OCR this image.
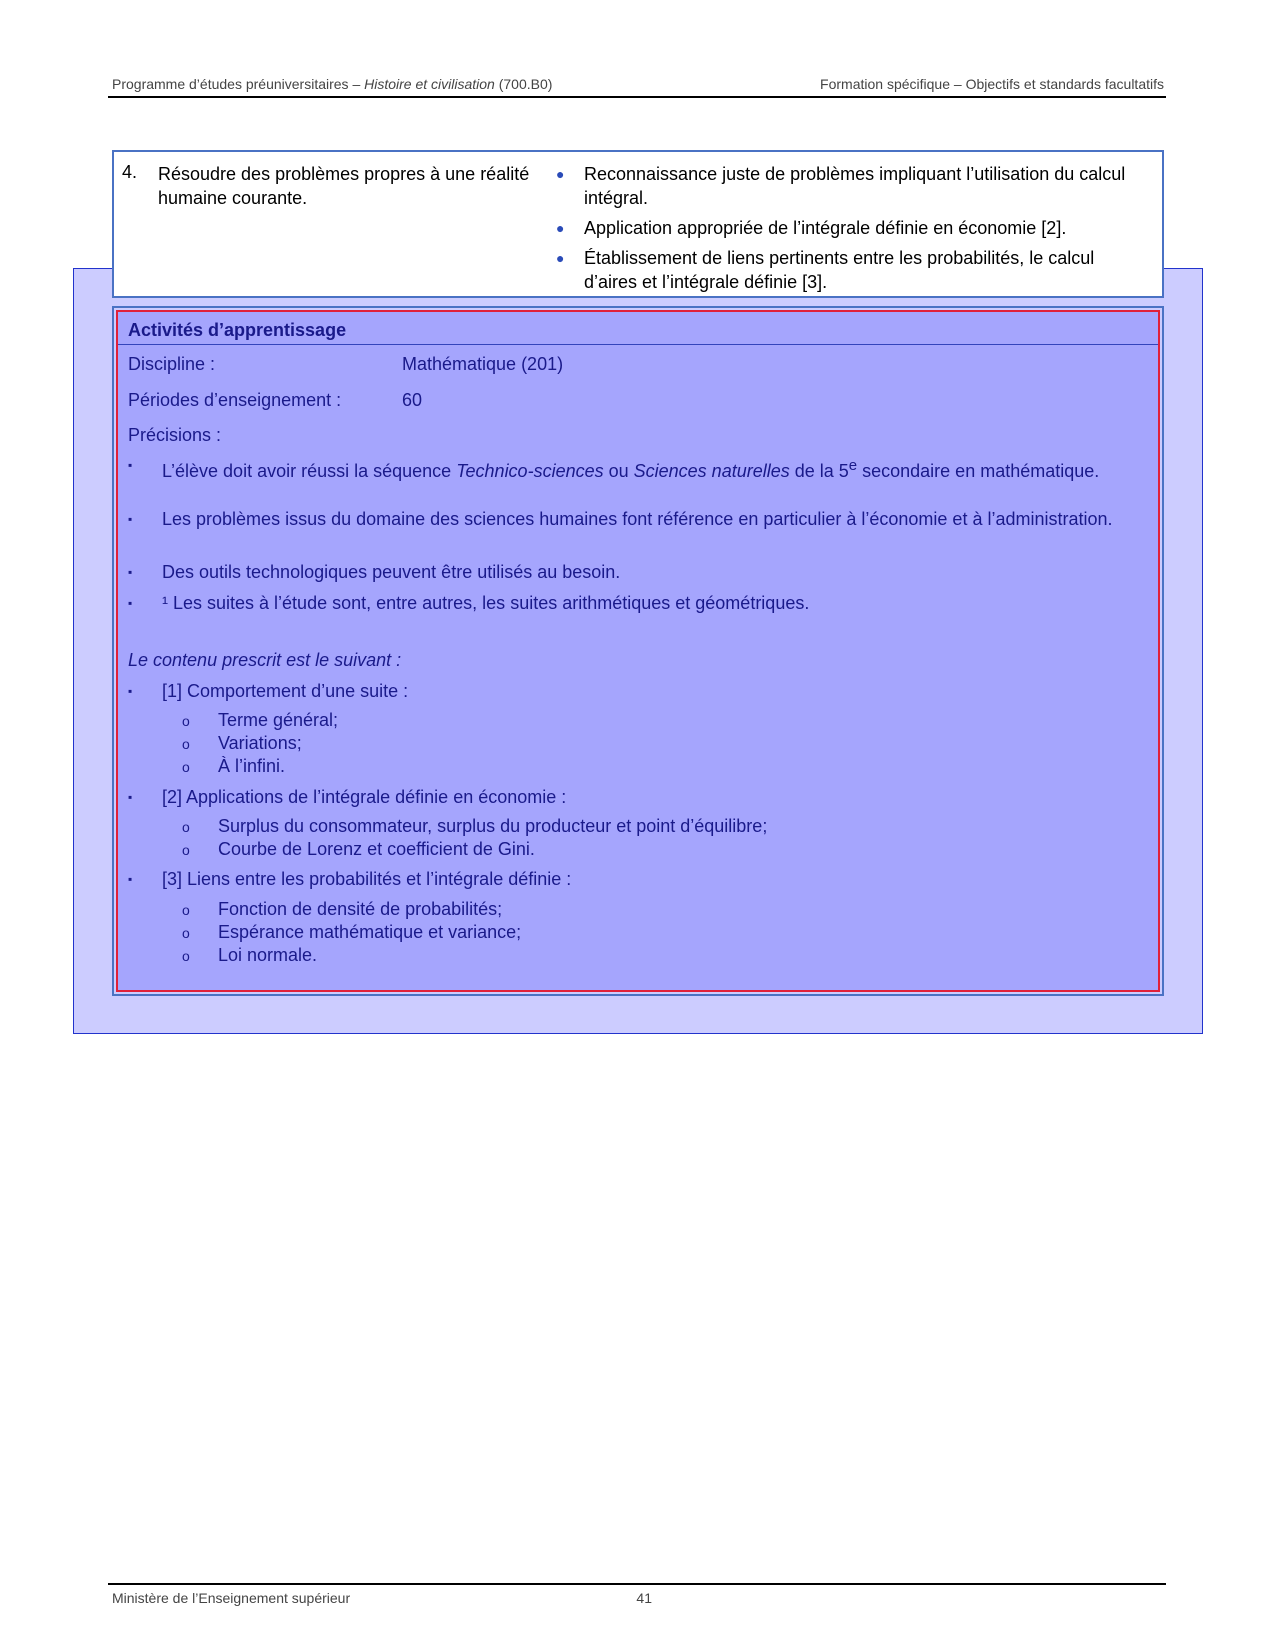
Programme d’études préuniversitaires – Histoire et civilisation (700.B0)	Formation spécifique – Objectifs et standards facultatifs
4. Résoudre des problèmes propres à une réalité humaine courante.
● Reconnaissance juste de problèmes impliquant l’utilisation du calcul intégral.
● Application appropriée de l’intégrale définie en économie [2].
● Établissement de liens pertinents entre les probabilités, le calcul d’aires et l’intégrale définie [3].
Activités d’apprentissage
Discipline :	Mathématique (201)
Périodes d’enseignement :	60
Précisions :
▪ L’élève doit avoir réussi la séquence Technico-sciences ou Sciences naturelles de la 5e secondaire en mathématique.
▪ Les problèmes issus du domaine des sciences humaines font référence en particulier à l’économie et à l’administration.
▪ Des outils technologiques peuvent être utilisés au besoin.
▪ ¹ Les suites à l’étude sont, entre autres, les suites arithmétiques et géométriques.
Le contenu prescrit est le suivant :
▪ [1] Comportement d’une suite :
o Terme général;
o Variations;
o À l’infini.
▪ [2] Applications de l’intégrale définie en économie :
o Surplus du consommateur, surplus du producteur et point d’équilibre;
o Courbe de Lorenz et coefficient de Gini.
▪ [3] Liens entre les probabilités et l’intégrale définie :
o Fonction de densité de probabilités;
o Espérance mathématique et variance;
o Loi normale.
Ministère de l’Enseignement supérieur	41
